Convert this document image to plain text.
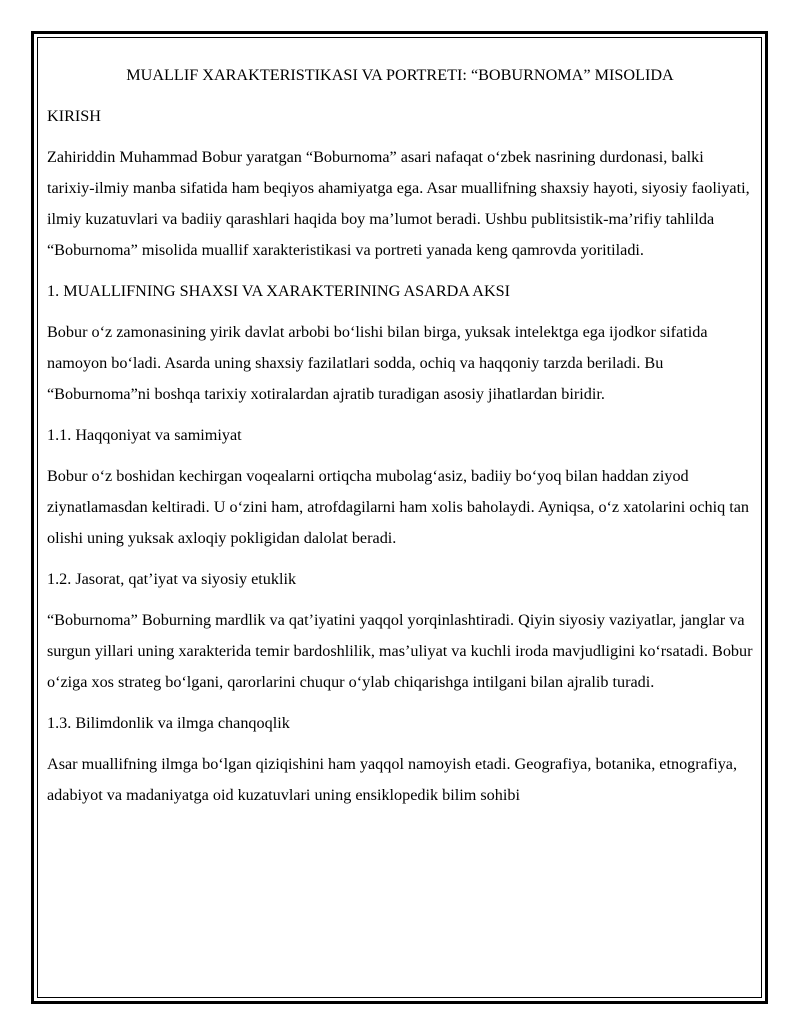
MUALLIF XARAKTERISTIKASI VA PORTRETI: “BOBURNOMA” MISOLIDA

KIRISH

Zahiriddin Muhammad Bobur yaratgan “Boburnoma” asari nafaqat o‘zbek nasrining durdonasi, balki tarixiy-ilmiy manba sifatida ham beqiyos ahamiyatga ega. Asar muallifning shaxsiy hayoti, siyosiy faoliyati, ilmiy kuzatuvlari va badiiy qarashlari haqida boy ma’lumot beradi. Ushbu publitsistik-ma’rifiy tahlilda “Boburnoma” misolida muallif xarakteristikasi va portreti yanada keng qamrovda yoritiladi.

1. MUALLIFNING SHAXSI VA XARAKTERINING ASARDA AKSI

Bobur o‘z zamonasining yirik davlat arbobi bo‘lishi bilan birga, yuksak intelektga ega ijodkor sifatida namoyon bo‘ladi. Asarda uning shaxsiy fazilatlari sodda, ochiq va haqqoniy tarzda beriladi. Bu “Boburnoma”ni boshqa tarixiy xotiralardan ajratib turadigan asosiy jihatlardan biridir.

1.1. Haqqoniyat va samimiyat

Bobur o‘z boshidan kechirgan voqealarni ortiqcha mubolag‘asiz, badiiy bo‘yoq bilan haddan ziyod ziynatlamasdan keltiradi. U o‘zini ham, atrofdagilarni ham xolis baholaydi. Ayniqsa, o‘z xatolarini ochiq tan olishi uning yuksak axloqiy pokligidan dalolat beradi.

1.2. Jasorat, qat’iyat va siyosiy etuklik

“Boburnoma” Boburning mardlik va qat’iyatini yaqqol yorqinlashtiradi. Qiyin siyosiy vaziyatlar, janglar va surgun yillari uning xarakterida temir bardoshlilik, mas’uliyat va kuchli iroda mavjudligini ko‘rsatadi. Bobur o‘ziga xos strateg bo‘lgani, qarorlarini chuqur o‘ylab chiqarishga intilgani bilan ajralib turadi.

1.3. Bilimdonlik va ilmga chanqoqlik

Asar muallifning ilmga bo‘lgan qiziqishini ham yaqqol namoyish etadi. Geografiya, botanika, etnografiya, adabiyot va madaniyatga oid kuzatuvlari uning ensiklopedik bilim sohibi
